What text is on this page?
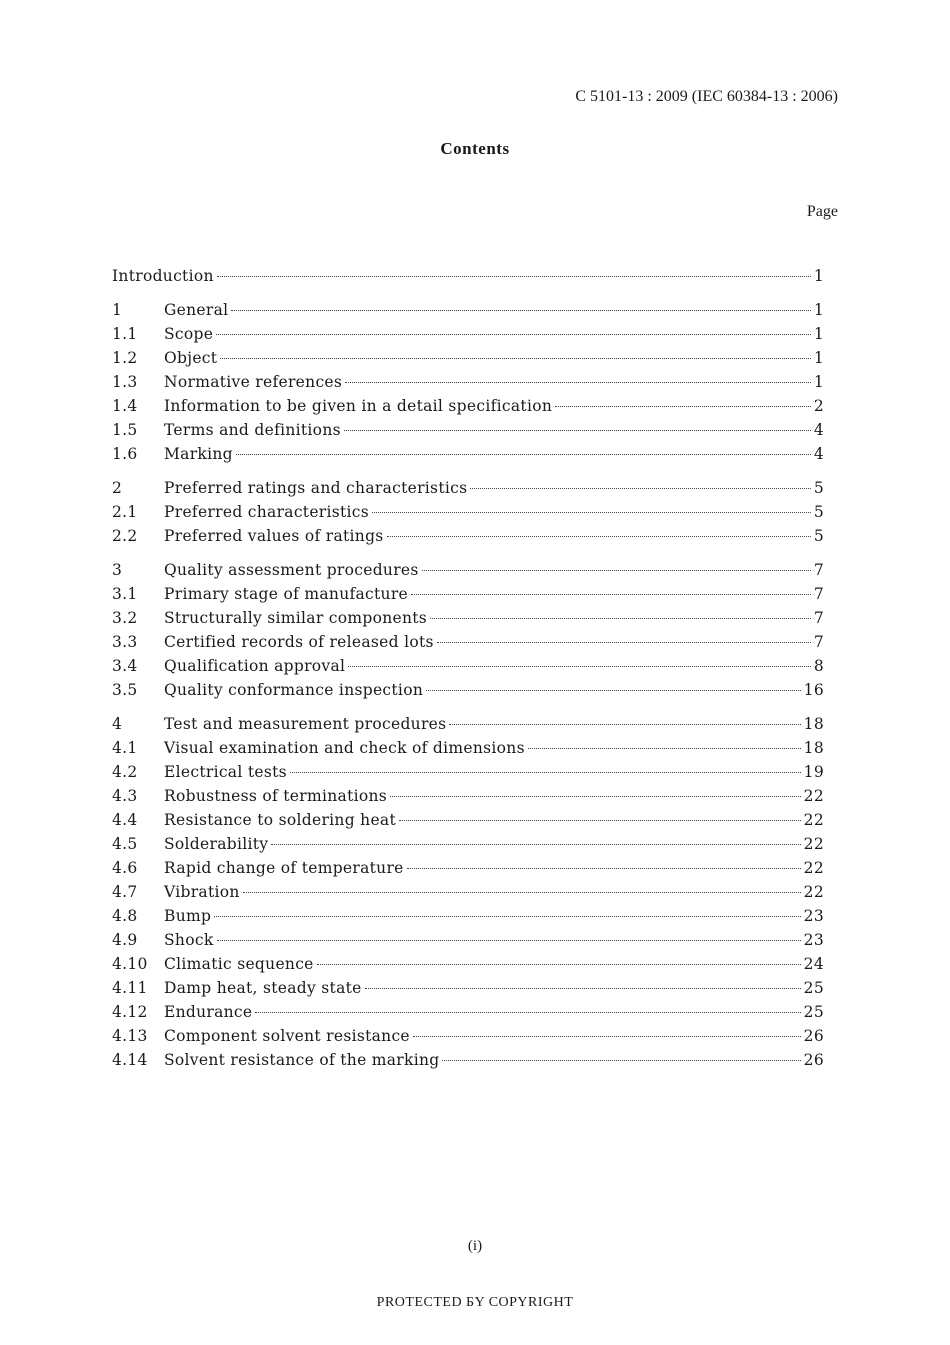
C 5101-13 : 2009 (IEC 60384-13 : 2006)
Contents
Page
Introduction	1
1	General	1
1.1	Scope	1
1.2	Object	1
1.3	Normative references	1
1.4	Information to be given in a detail specification	2
1.5	Terms and definitions	4
1.6	Marking	4
2	Preferred ratings and characteristics	5
2.1	Preferred characteristics	5
2.2	Preferred values of ratings	5
3	Quality assessment procedures	7
3.1	Primary stage of manufacture	7
3.2	Structurally similar components	7
3.3	Certified records of released lots	7
3.4	Qualification approval	8
3.5	Quality conformance inspection	16
4	Test and measurement procedures	18
4.1	Visual examination and check of dimensions	18
4.2	Electrical tests	19
4.3	Robustness of terminations	22
4.4	Resistance to soldering heat	22
4.5	Solderability	22
4.6	Rapid change of temperature	22
4.7	Vibration	22
4.8	Bump	23
4.9	Shock	23
4.10	Climatic sequence	24
4.11	Damp heat, steady state	25
4.12	Endurance	25
4.13	Component solvent resistance	26
4.14	Solvent resistance of the marking	26
(i)
PROTECTED БY COPYRIGHT
